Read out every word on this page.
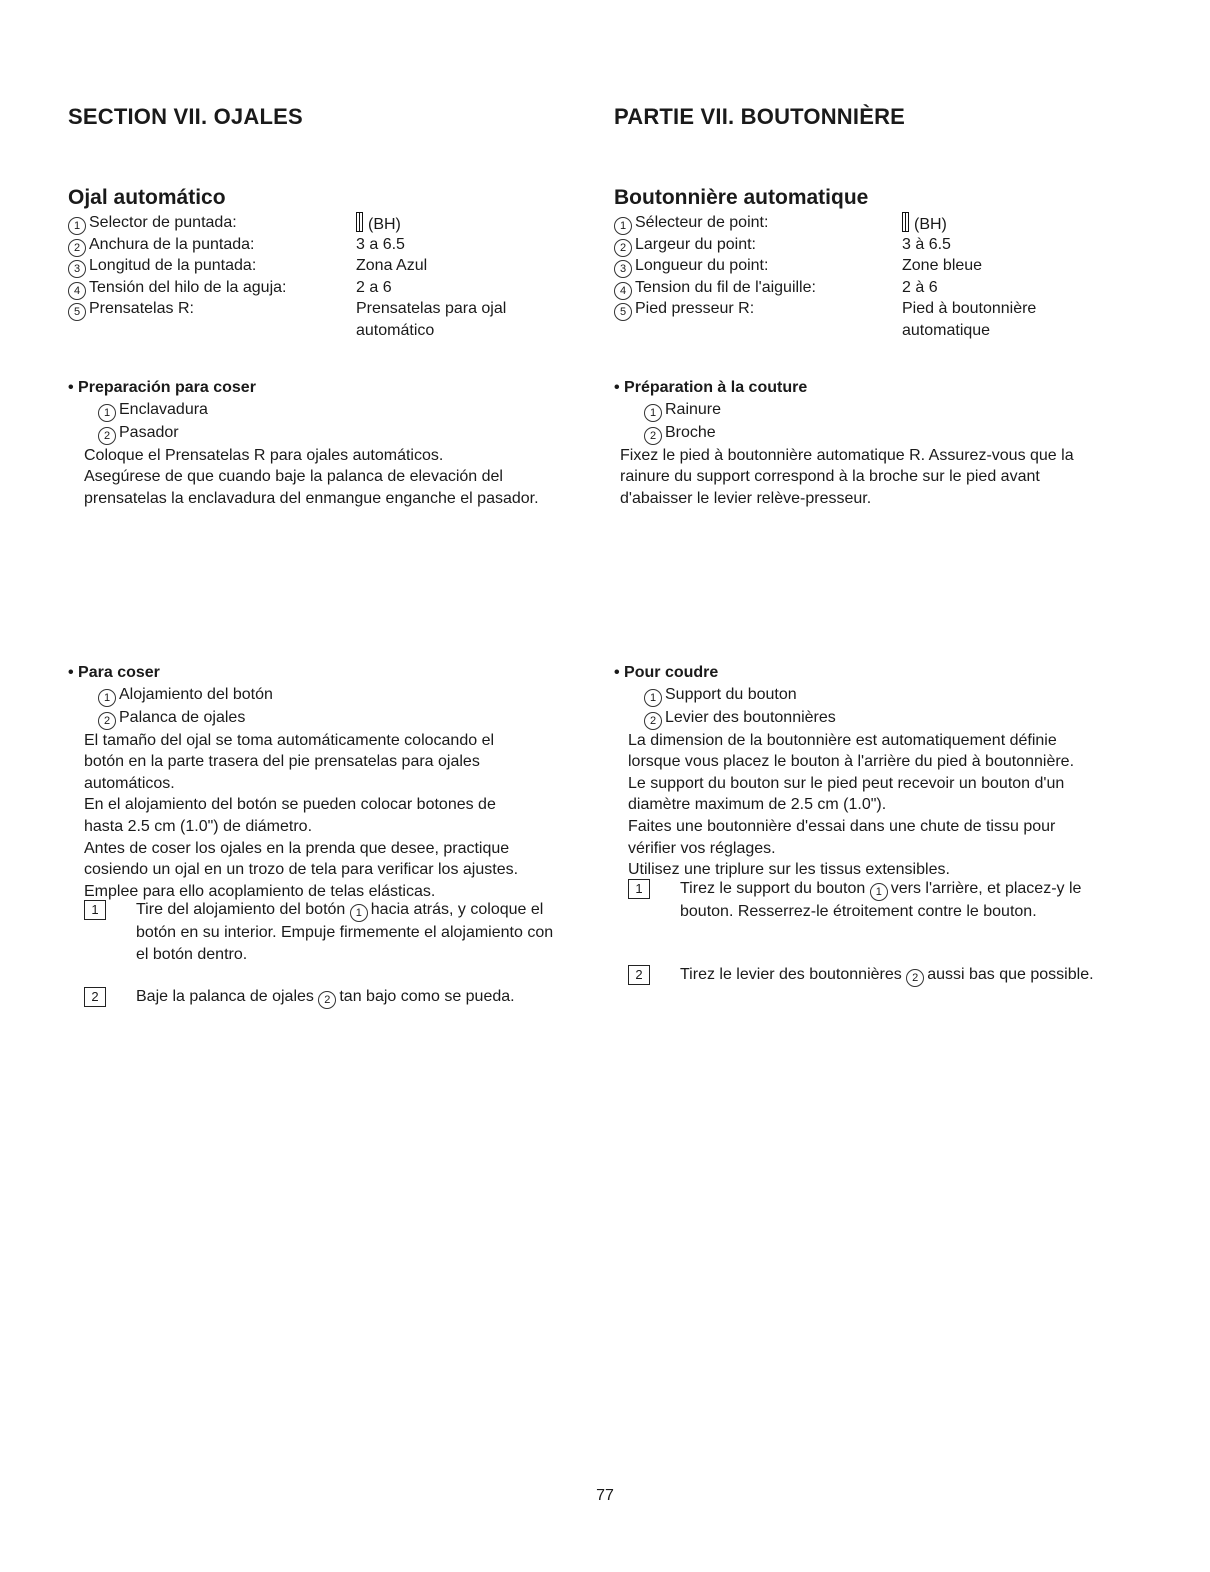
SECTION VII. OJALES
Ojal automático
1 Selector de puntada:	(BH)
2 Anchura de la puntada:	3 a 6.5
3 Longitud de la puntada:	Zona Azul
4 Tensión del hilo de la aguja:	2 a 6
5 Prensatelas R:	Prensatelas para ojal automático
• Preparación para coser
1 Enclavadura
2 Pasador

Coloque el Prensatelas R para ojales automáticos.

Asegúrese de que cuando baje la palanca de elevación del

prensatelas la enclavadura del enmangue enganche el pasador.

• Para coser
1 Alojamiento del botón
2 Palanca de ojales

El tamaño del ojal se toma automáticamente colocando el

botón en la parte trasera del pie prensatelas para ojales

automáticos.

En el alojamiento del botón se pueden colocar botones de

hasta 2.5 cm (1.0") de diámetro.

Antes de coser los ojales en la prenda que desee, practique

cosiendo un ojal en un trozo de tela para verificar los ajustes.

Emplee para ello acoplamiento de telas elásticas.

1	Tire del alojamiento del botón 1 hacia atrás, y coloque el
botón en su interior. Empuje firmemente el alojamiento con
el botón dentro.
2	Baje la palanca de ojales 2 tan bajo como se pueda.
PARTIE VII. BOUTONNIÈRE
Boutonnière automatique
1 Sélecteur de point:	(BH)
2 Largeur du point:	3 à 6.5
3 Longueur du point:	Zone bleue
4 Tension du fil de l'aiguille:	2 à 6
5 Pied presseur R:	Pied à boutonnière automatique
• Préparation à la couture
1 Rainure
2 Broche

Fixez le pied à boutonnière automatique R. Assurez-vous que la

rainure du support correspond à la broche sur le pied avant

d'abaisser le levier relève-presseur.

• Pour coudre
1 Support du bouton
2 Levier des boutonnières

La dimension de la boutonnière est automatiquement définie

lorsque vous placez le bouton à l'arrière du pied à boutonnière.

Le support du bouton sur le pied peut recevoir un bouton d'un

diamètre maximum de 2.5 cm (1.0").

Faites une boutonnière d'essai dans une chute de tissu pour

vérifier vos réglages.

Utilisez une triplure sur les tissus extensibles.

1	Tirez le support du bouton 1 vers l'arrière, et placez-y le
bouton. Resserrez-le étroitement contre le bouton.
2	Tirez le levier des boutonnières 2 aussi bas que possible.
77
